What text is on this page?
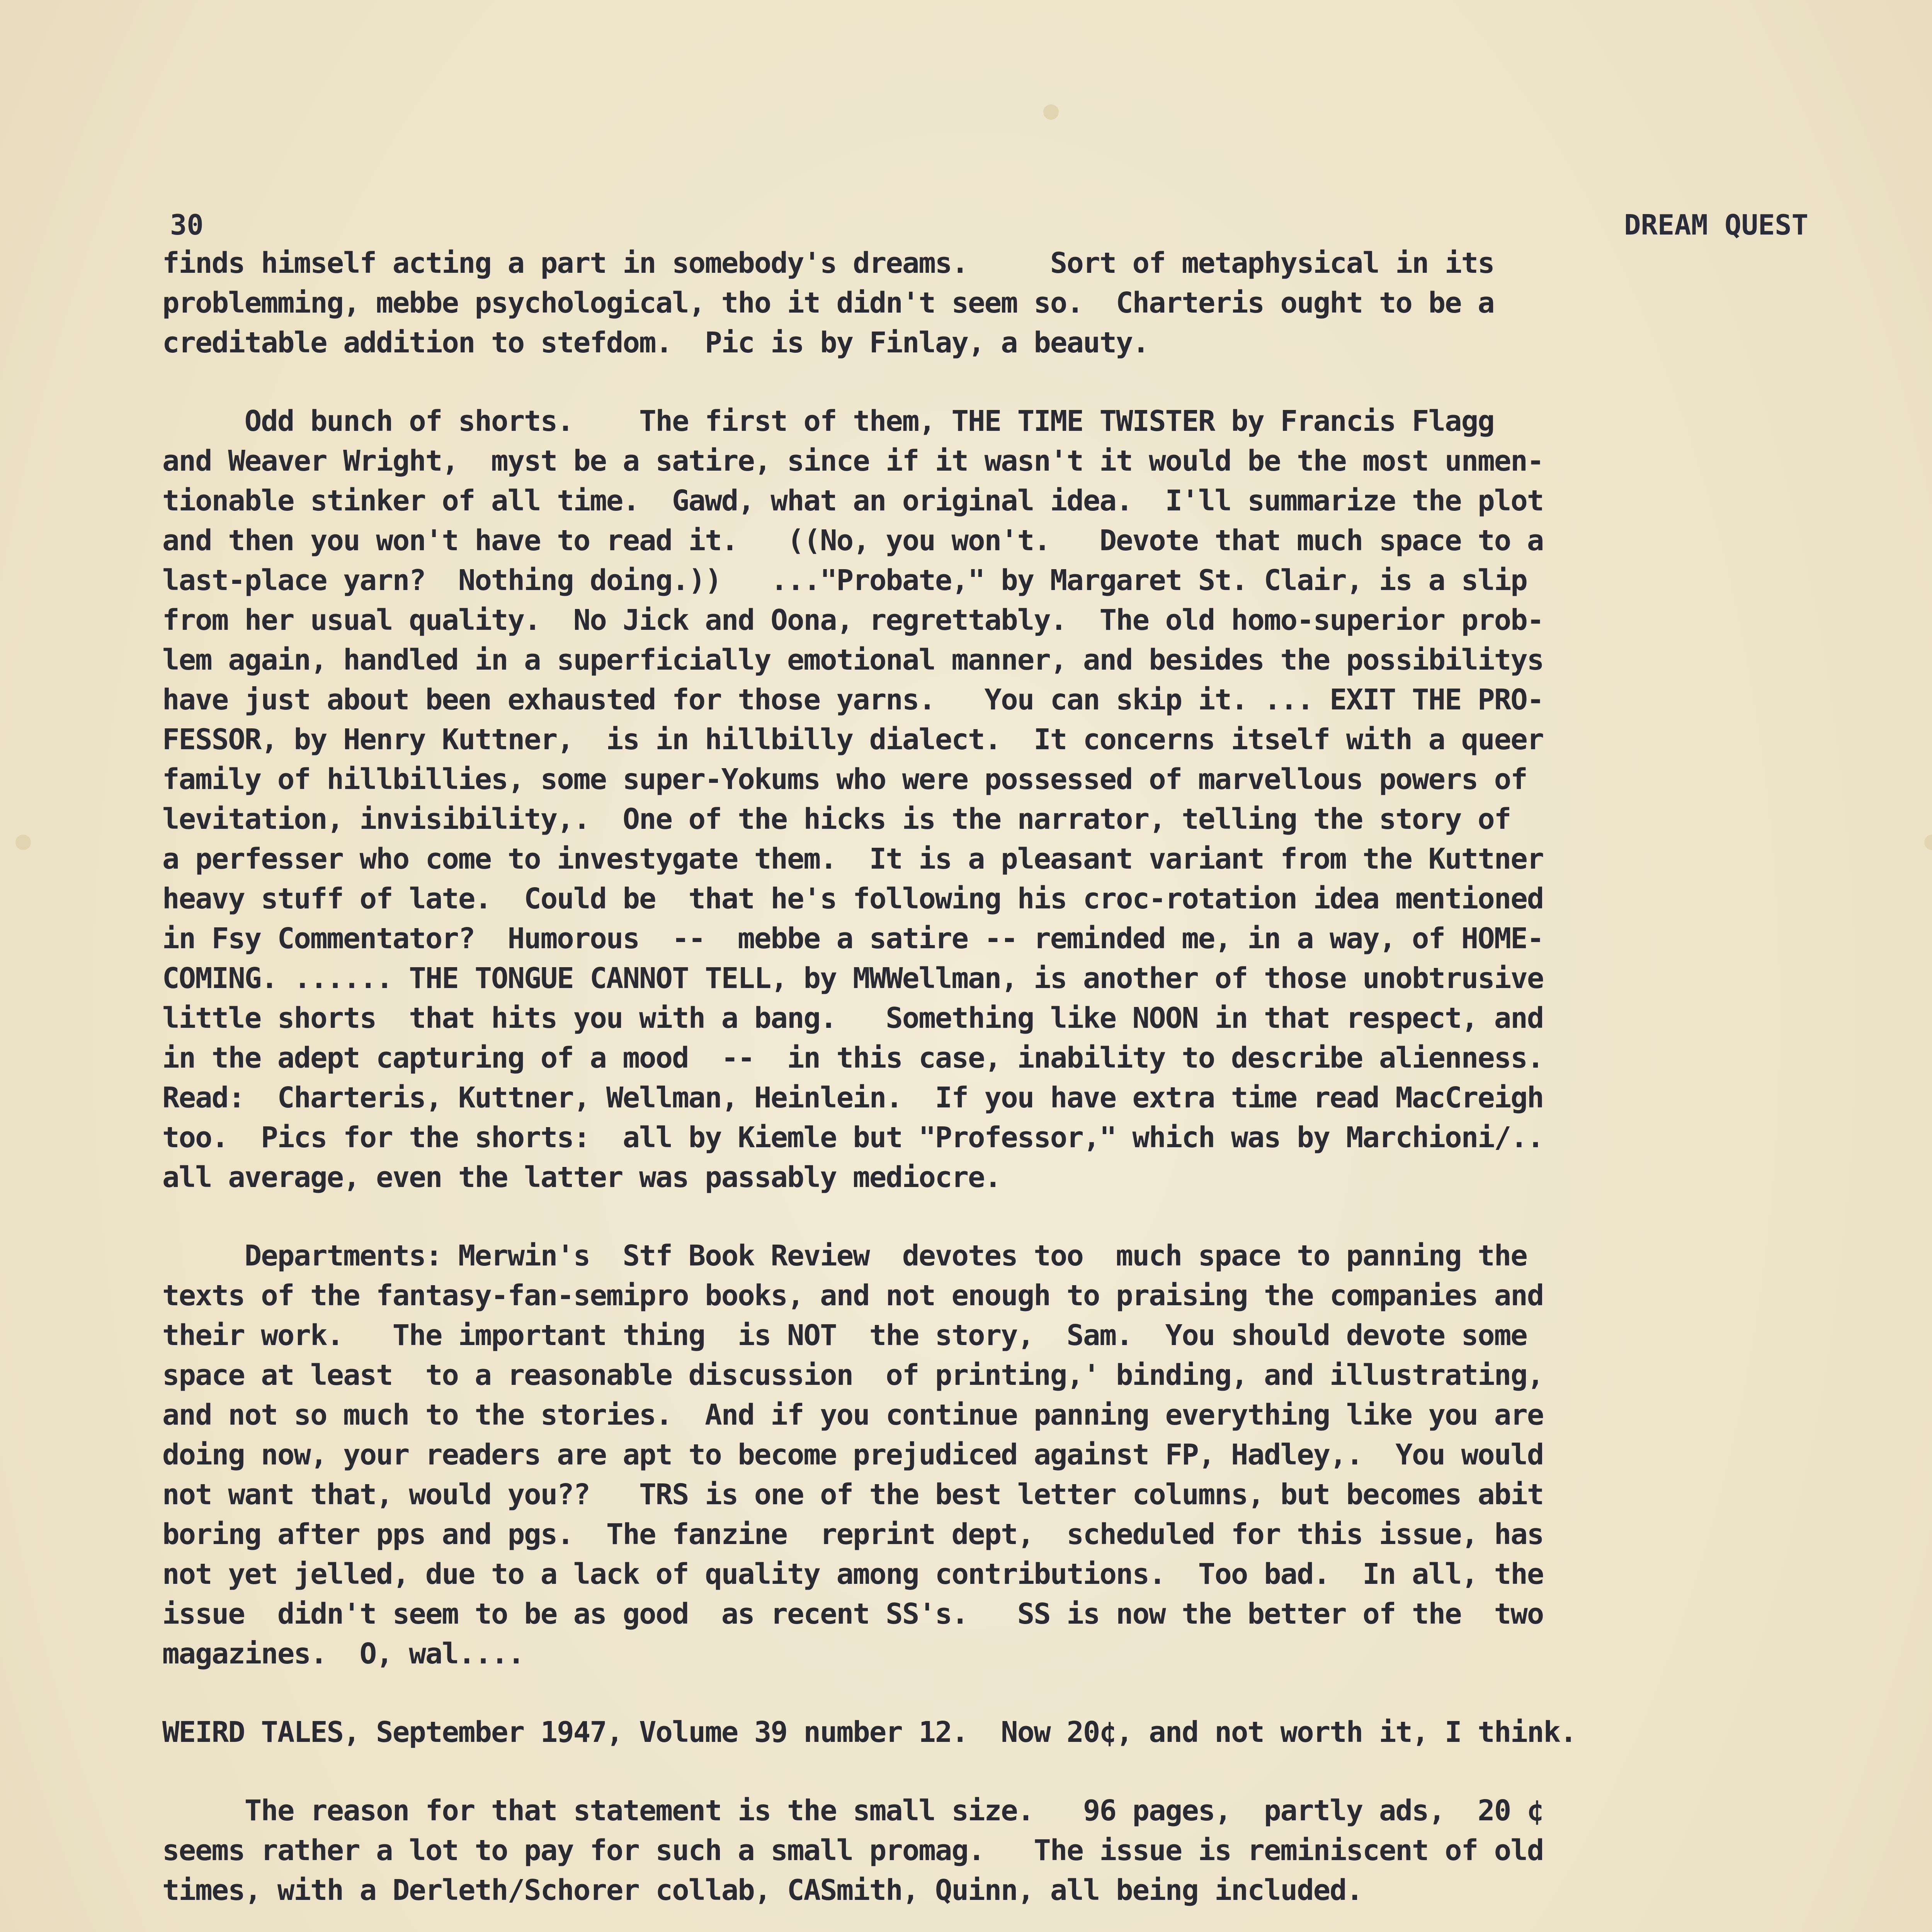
30	DREAM QUEST

finds himself acting a part in somebody's dreams.     Sort of metaphysical in its
problemming, mebbe psychological, tho it didn't seem so.  Charteris ought to be a
creditable addition to stefdom.  Pic is by Finlay, a beauty.

Odd bunch of shorts.    The first of them, THE TIME TWISTER by Francis Flagg
and Weaver Wright,  myst be a satire, since if it wasn't it would be the most unmen-
tionable stinker of all time.  Gawd, what an original idea.  I'll summarize the plot
and then you won't have to read it.   ((No, you won't.   Devote that much space to a
last-place yarn?  Nothing doing.))   ..."Probate," by Margaret St. Clair, is a slip
from her usual quality.  No Jick and Oona, regrettably.  The old homo-superior prob-
lem again, handled in a superficially emotional manner, and besides the possibilitys
have just about been exhausted for those yarns.   You can skip it. ... EXIT THE PRO-
FESSOR, by Henry Kuttner,  is in hillbilly dialect.  It concerns itself with a queer
family of hillbillies, some super-Yokums who were possessed of marvellous powers of
levitation, invisibility,.  One of the hicks is the narrator, telling the story of
a perfesser who come to investygate them.  It is a pleasant variant from the Kuttner
heavy stuff of late.  Could be  that he's following his croc-rotation idea mentioned
in Fsy Commentator?  Humorous  --  mebbe a satire -- reminded me, in a way, of HOME-
COMING. ...... THE TONGUE CANNOT TELL, by MWWellman, is another of those unobtrusive
little shorts  that hits you with a bang.   Something like NOON in that respect, and
in the adept capturing of a mood  --  in this case, inability to describe alienness.
Read:  Charteris, Kuttner, Wellman, Heinlein.  If you have extra time read MacCreigh
too.  Pics for the shorts:  all by Kiemle but "Professor," which was by Marchioni/..
all average, even the latter was passably mediocre.

Departments: Merwin's  Stf Book Review  devotes too  much space to panning the
texts of the fantasy-fan-semipro books, and not enough to praising the companies and
their work.   The important thing  is NOT  the story,  Sam.  You should devote some
space at least  to a reasonable discussion  of printing,' binding, and illustrating,
and not so much to the stories.  And if you continue panning everything like you are
doing now, your readers are apt to become prejudiced against FP, Hadley,.  You would
not want that, would you??   TRS is one of the best letter columns, but becomes abit
boring after pps and pgs.  The fanzine  reprint dept,  scheduled for this issue, has
not yet jelled, due to a lack of quality among contributions.  Too bad.  In all, the
issue  didn't seem to be as good  as recent SS's.   SS is now the better of the  two
magazines.  O, wal....

WEIRD TALES, September 1947, Volume 39 number 12.  Now 20¢, and not worth it, I think.

The reason for that statement is the small size.   96 pages,  partly ads,  20 ¢
seems rather a lot to pay for such a small promag.   The issue is reminiscent of old
times, with a Derleth/Schorer collab, CASmith, Quinn, all being included.
